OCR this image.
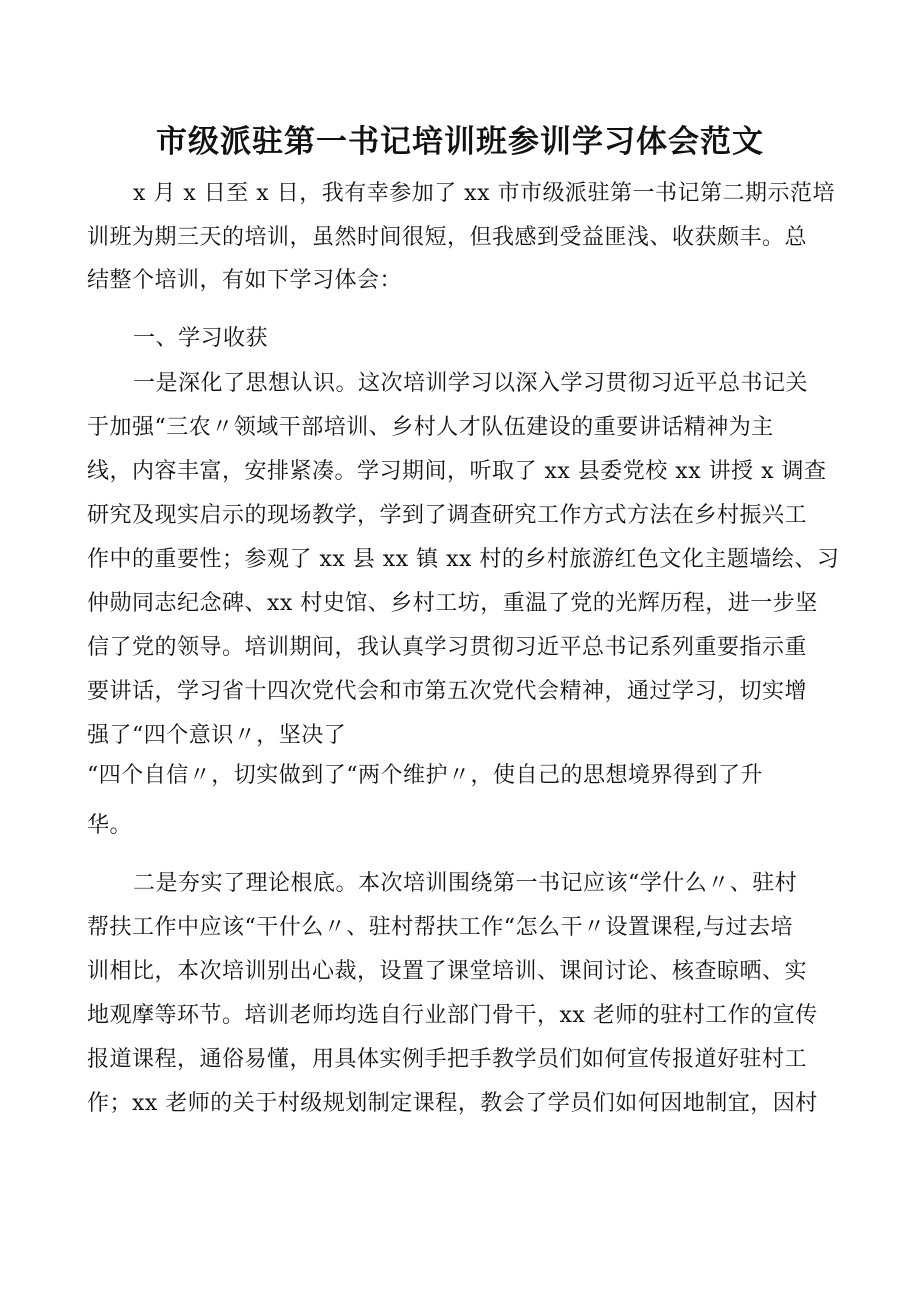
市级派驻第一书记培训班参训学习体会范文

x 月 x 日至 x 日，我有幸参加了 xx 市市级派驻第一书记第二期示范培

训班为期三天的培训，虽然时间很短，但我感到受益匪浅、收获颇丰。总

结整个培训，有如下学习体会：

一、学习收获

一是深化了思想认识。这次培训学习以深入学习贯彻习近平总书记关

于加强“三农〃领域干部培训、乡村人才队伍建设的重要讲话精神为主

线，内容丰富，安排紧凑。学习期间，听取了 xx 县委党校 xx 讲授 x 调查

研究及现实启示的现场教学，学到了调查研究工作方式方法在乡村振兴工

作中的重要性；参观了 xx 县 xx 镇 xx 村的乡村旅游红色文化主题墙绘、习

仲勋同志纪念碑、xx 村史馆、乡村工坊，重温了党的光辉历程，进一步坚

信了党的领导。培训期间，我认真学习贯彻习近平总书记系列重要指示重

要讲话，学习省十四次党代会和市第五次党代会精神，通过学习，切实增

强了“四个意识〃，坚决了

“四个自信〃，切实做到了“两个维护〃，使自己的思想境界得到了升

华。

二是夯实了理论根底。本次培训围绕第一书记应该“学什么〃、驻村

帮扶工作中应该“干什么〃、驻村帮扶工作“怎么干〃设置课程,与过去培

训相比，本次培训别出心裁，设置了课堂培训、课间讨论、核查晾晒、实

地观摩等环节。培训老师均选自行业部门骨干，xx 老师的驻村工作的宣传

报道课程，通俗易懂，用具体实例手把手教学员们如何宣传报道好驻村工

作；xx 老师的关于村级规划制定课程，教会了学员们如何因地制宜，因村
